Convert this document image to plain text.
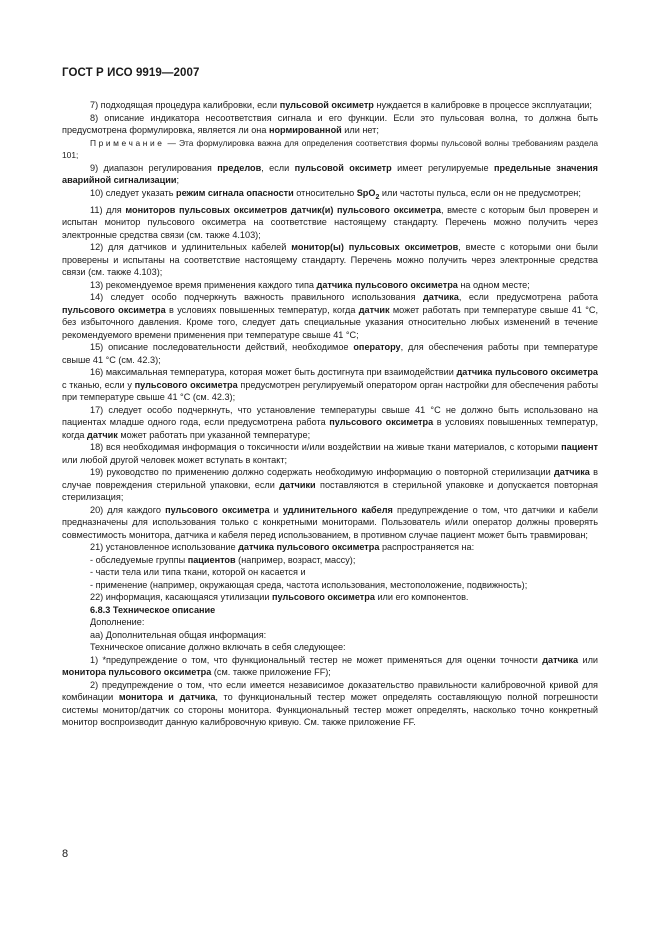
ГОСТ Р ИСО 9919—2007

7) подходящая процедура калибровки, если пульсовой оксиметр нуждается в калибровке в процессе эксплуатации;

8) описание индикатора несоответствия сигнала и его функции. Если это пульсовая волна, то должна быть предусмотрена формулировка, является ли она нормированной или нет;

Примечание — Эта формулировка важна для определения соответствия формы пульсовой волны требованиям раздела 101;

9) диапазон регулирования пределов, если пульсовой оксиметр имеет регулируемые предельные значения аварийной сигнализации;

10) следует указать режим сигнала опасности относительно SpO$_2$ или частоты пульса, если он не предусмотрен;

11) для мониторов пульсовых оксиметров датчик(и) пульсового оксиметра, вместе с которым был проверен и испытан монитор пульсового оксиметра на соответствие настоящему стандарту. Перечень можно получить через электронные средства связи (см. также 4.103);

12) для датчиков и удлинительных кабелей монитор(ы) пульсовых оксиметров, вместе с которыми они были проверены и испытаны на соответствие настоящему стандарту. Перечень можно получить через электронные средства связи (см. также 4.103);

13) рекомендуемое время применения каждого типа датчика пульсового оксиметра на одном месте;

14) следует особо подчеркнуть важность правильного использования датчика, если предусмотрена работа пульсового оксиметра в условиях повышенных температур, когда датчик может работать при температуре свыше 41 °С, без избыточного давления. Кроме того, следует дать специальные указания относительно любых изменений в течение рекомендуемого времени применения при температуре свыше 41 °С;

15) описание последовательности действий, необходимое оператору, для обеспечения работы при температуре свыше 41 °С (см. 42.3);

16) максимальная температура, которая может быть достигнута при взаимодействии датчика пульсового оксиметра с тканью, если у пульсового оксиметра предусмотрен регулируемый оператором орган настройки для обеспечения работы при температуре свыше 41 °С (см. 42.3);

17) следует особо подчеркнуть, что установление температуры свыше 41 °С не должно быть использовано на пациентах младше одного года, если предусмотрена работа пульсового оксиметра в условиях повышенных температур, когда датчик может работать при указанной температуре;

18) вся необходимая информация о токсичности и/или воздействии на живые ткани материалов, с которыми пациент или любой другой человек может вступать в контакт;

19) руководство по применению должно содержать необходимую информацию о повторной стерилизации датчика в случае повреждения стерильной упаковки, если датчики поставляются в стерильной упаковке и допускается повторная стерилизация;

20) для каждого пульсового оксиметра и удлинительного кабеля предупреждение о том, что датчики и кабели предназначены для использования только с конкретными мониторами. Пользователь и/или оператор должны проверять совместимость монитора, датчика и кабеля перед использованием, в противном случае пациент может быть травмирован;

21) установленное использование датчика пульсового оксиметра распространяется на:

- обследуемые группы пациентов (например, возраст, массу);

- части тела или типа ткани, которой он касается и

- применение (например, окружающая среда, частота использования, местоположение, подвижность);

22) информация, касающаяся утилизации пульсового оксиметра или его компонентов.

6.8.3 Техническое описание

Дополнение:

аа) Дополнительная общая информация:

Техническое описание должно включать в себя следующее:

1) *предупреждение о том, что функциональный тестер не может применяться для оценки точности датчика или монитора пульсового оксиметра (см. также приложение FF);

2) предупреждение о том, что если имеется независимое доказательство правильности калибровочной кривой для комбинации монитора и датчика, то функциональный тестер может определять составляющую полной погрешности системы монитор/датчик со стороны монитора. Функциональный тестер может определять, насколько точно конкретный монитор воспроизводит данную калибровочную кривую. См. также приложение FF.

8
